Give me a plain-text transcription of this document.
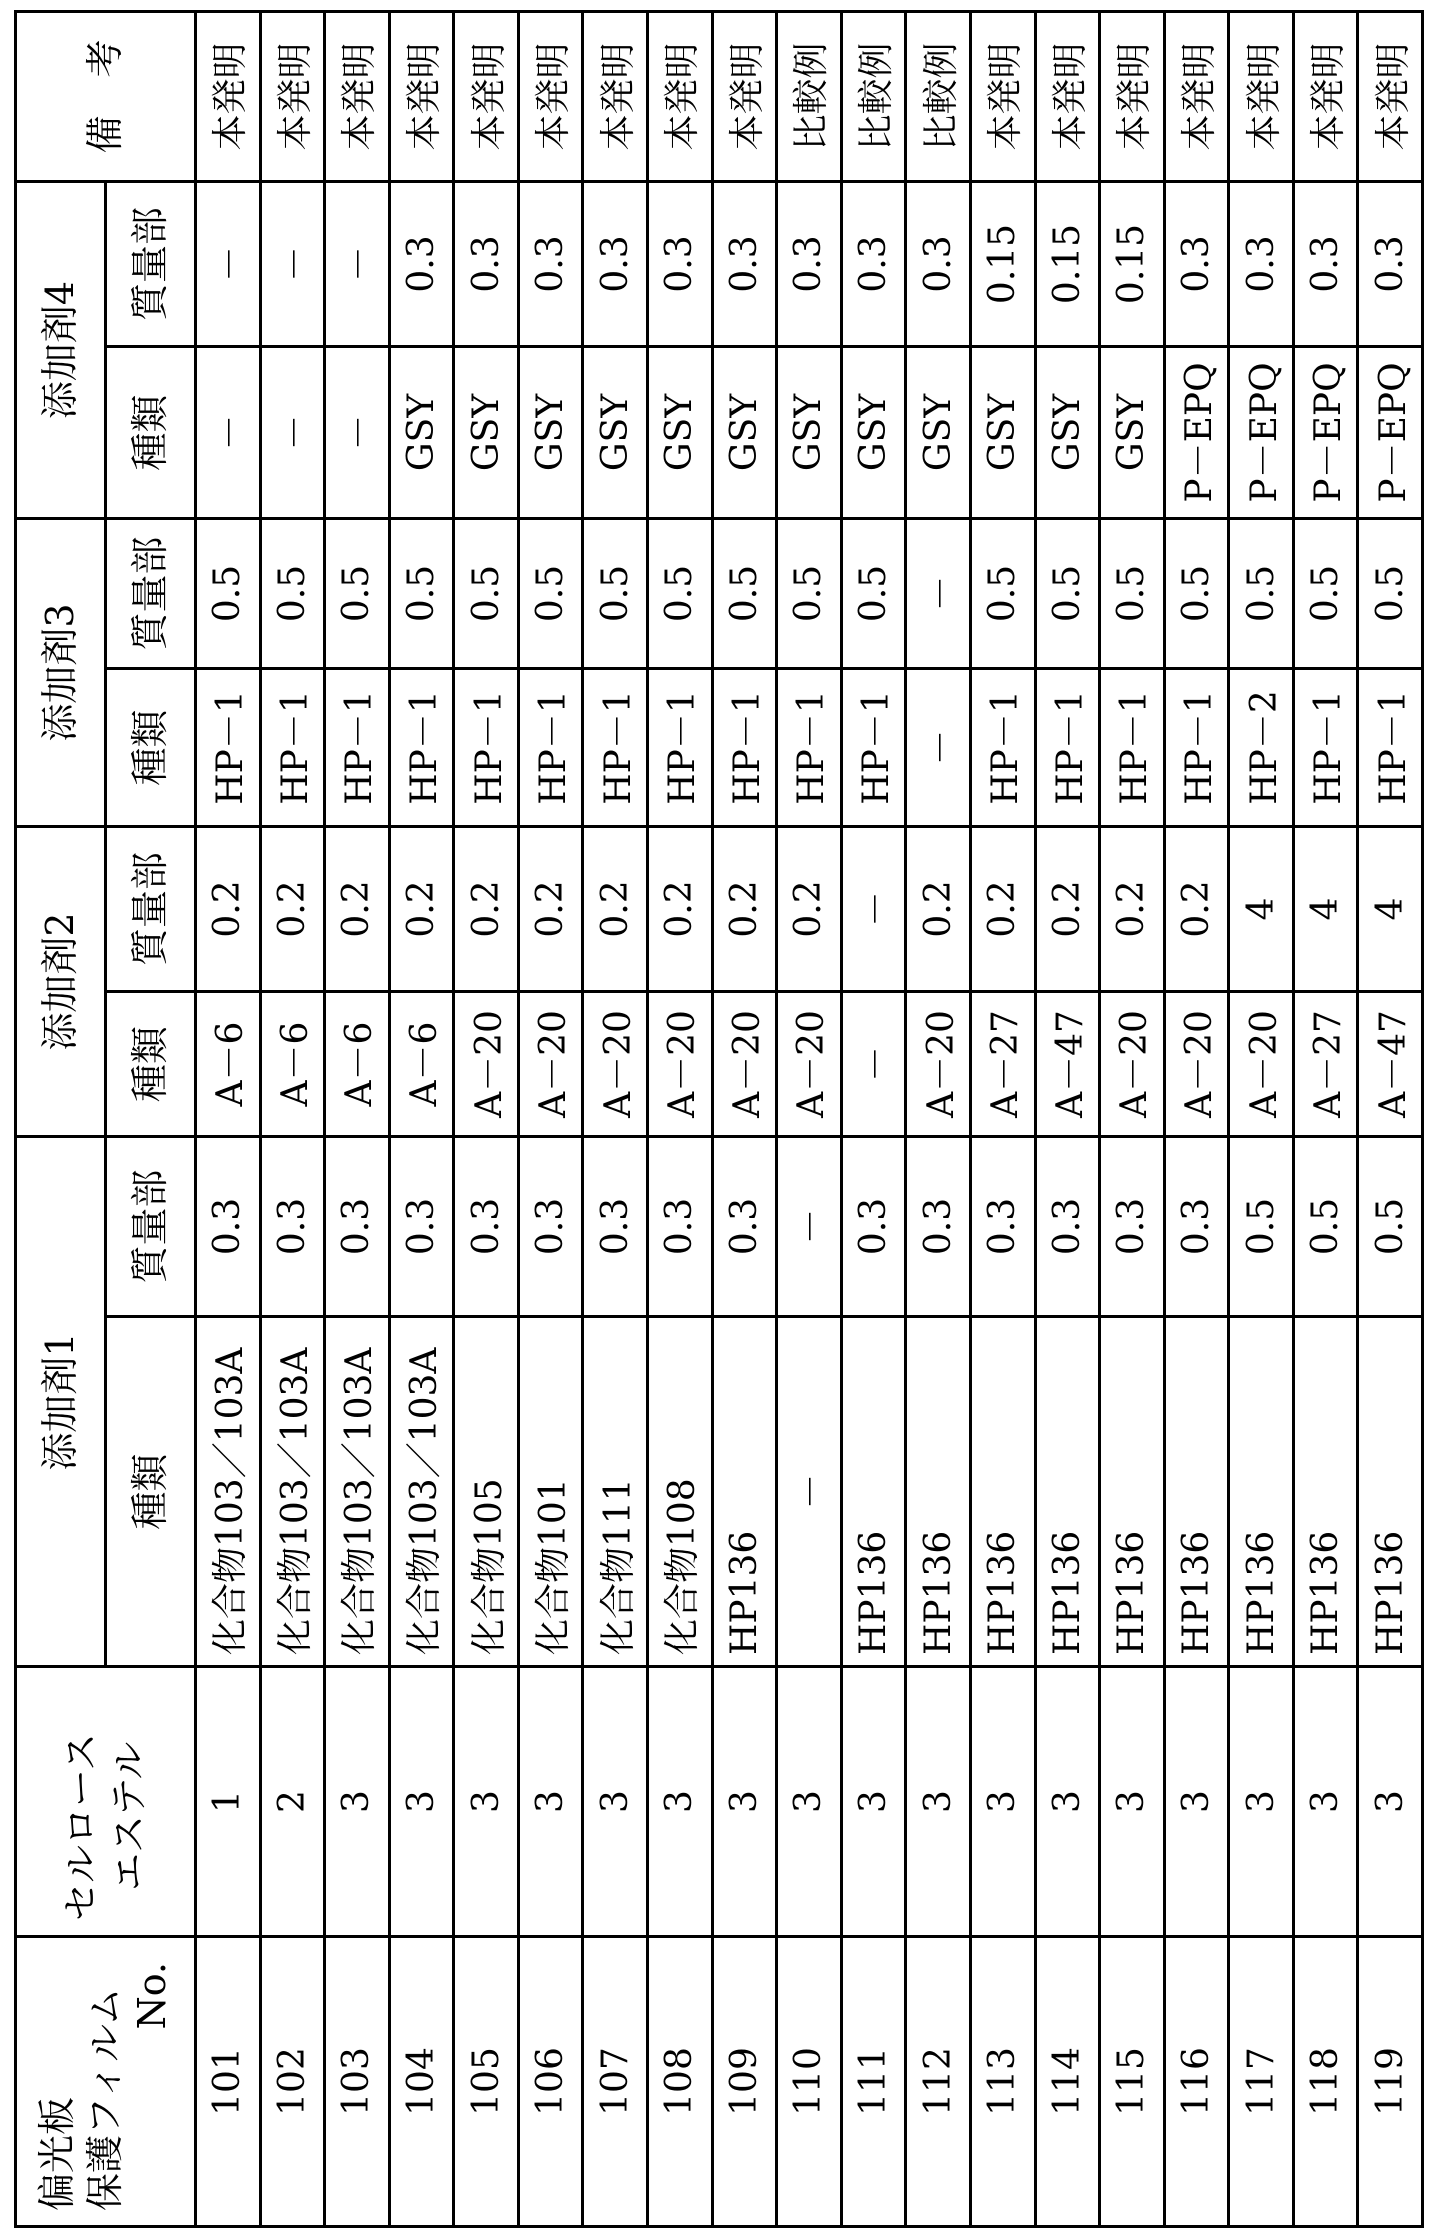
偏光板 保護フィルム No.

セルロース エステル
	添加剤1	添加剤2	添加剤3	添加剤4	備　考
種類	質量部	種類	質量部	種類	質量部	種類	質量部
101	1	化合物103／103A	0.3	A－6	0.2	HP－1	0.5	－	－	本発明
102	2	化合物103／103A	0.3	A－6	0.2	HP－1	0.5	－	－	本発明
103	3	化合物103／103A	0.3	A－6	0.2	HP－1	0.5	－	－	本発明
104	3	化合物103／103A	0.3	A－6	0.2	HP－1	0.5	GSY	0.3	本発明
105	3	化合物105	0.3	A－20	0.2	HP－1	0.5	GSY	0.3	本発明
106	3	化合物101	0.3	A－20	0.2	HP－1	0.5	GSY	0.3	本発明
107	3	化合物111	0.3	A－20	0.2	HP－1	0.5	GSY	0.3	本発明
108	3	化合物108	0.3	A－20	0.2	HP－1	0.5	GSY	0.3	本発明
109	3	HP136	0.3	A－20	0.2	HP－1	0.5	GSY	0.3	本発明
110	3	－	－	A－20	0.2	HP－1	0.5	GSY	0.3	比較例
111	3	HP136	0.3	－	－	HP－1	0.5	GSY	0.3	比較例
112	3	HP136	0.3	A－20	0.2	－	－	GSY	0.3	比較例
113	3	HP136	0.3	A－27	0.2	HP－1	0.5	GSY	0.15	本発明
114	3	HP136	0.3	A－47	0.2	HP－1	0.5	GSY	0.15	本発明
115	3	HP136	0.3	A－20	0.2	HP－1	0.5	GSY	0.15	本発明
116	3	HP136	0.3	A－20	0.2	HP－1	0.5	P－EPQ	0.3	本発明
117	3	HP136	0.5	A－20	4	HP－2	0.5	P－EPQ	0.3	本発明
118	3	HP136	0.5	A－27	4	HP－1	0.5	P－EPQ	0.3	本発明
119	3	HP136	0.5	A－47	4	HP－1	0.5	P－EPQ	0.3	本発明
